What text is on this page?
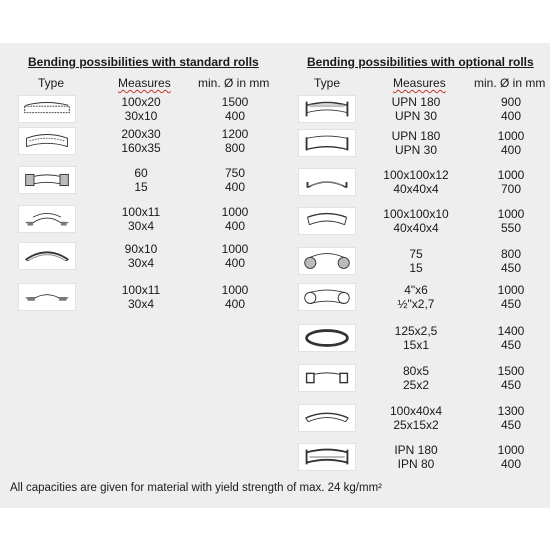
Bending possibilities with standard rolls
Type	Measures min. Ø in mm
100x20
30x10
1500
400
200x30
160x35
1200
800
60
15
750
400
100x11
30x4
1000
400
90x10
30x4
1000
400
100x11
30x4
1000
400
Bending possibilities with optional rolls
Type	Measures min. Ø in mm
UPN 180
UPN 30
900
400
UPN 180
UPN 30
1000
400
100x100x12
40x40x4
1000
700
100x100x10
40x40x4
1000
550
75
15
800
450
4"x6
½"x2,7
1000
450
125x2,5
15x1
1400
450
80x5
25x2
1500
450
100x40x4
25x15x2
1300
450
IPN 180
IPN 80
1000
400
All capacities are given for material with yield strength of max. 24 kg/mm²
